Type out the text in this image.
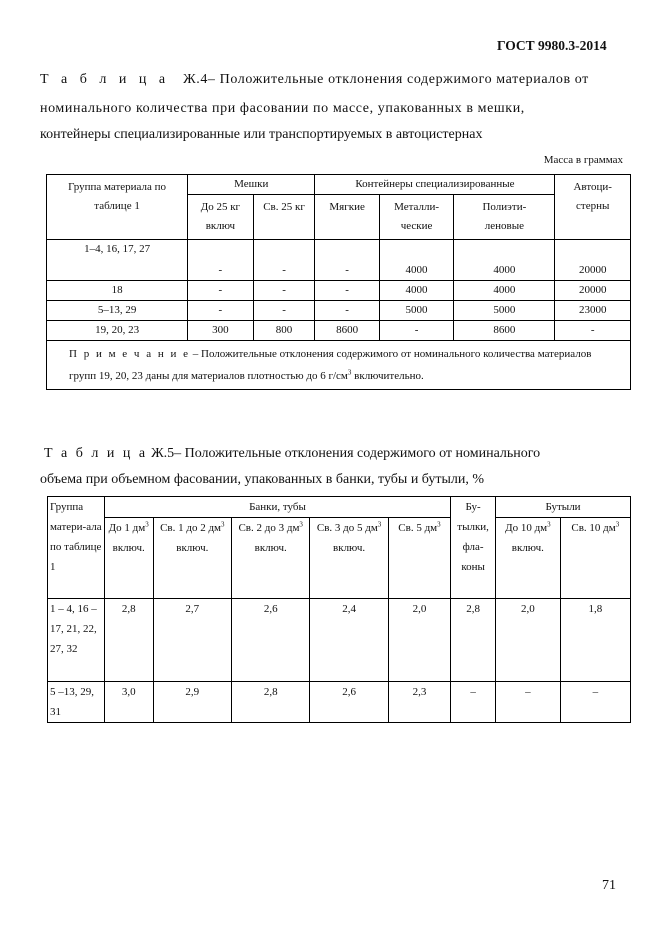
ГОСТ 9980.3-2014
Т а б л и ц а Ж.4– Положительные отклонения содержимого материалов от
номинального количества при фасовании по массе, упакованных в мешки,
контейнеры специализированные или транспортируемых в автоцистернах
Масса в граммах
Группа материала по таблице 1	Мешки		Контейнеры специализированные			Автоци-стерны
	До 25 кг включ	Св. 25 кг	Мягкие	Металли-ческие	Полиэти-леновые	
1–4, 16, 17, 27	-	-	-	4000	4000	20000
18	-	-	-	4000	4000	20000
5–13, 29	-	-	-	5000	5000	23000
19, 20, 23	300	800	8600	-	8600	-
П р и м е ч а н и е – Положительные отклонения содержимого от номинального количества материалов групп 19, 20, 23 даны для материалов плотностью до 6 $г/см^3$ включительно.						
Т а б л и ц а Ж.5– Положительные отклонения содержимого от номинального
объема при объемном фасовании, упакованных в банки, тубы и бутыли, %
Группа матери-ала по таблице 1	Банки, тубы					Бу-тылки, фла-коны	Бутыли	
	До 1 $дм^3$ включ.	Св. 1 до 2 $дм^3$ включ.	Св. 2 до 3 $дм^3$ включ.	Св. 3 до 5 $дм^3$ включ.	Св. 5 $дм^3$		До 10 $дм^3$ включ.	Св. 10 $дм^3$
1 – 4, 16 –17, 21, 22, 27, 32	2,8	2,7	2,6	2,4	2,0	2,8	2,0	1,8
5 –13, 29, 31	3,0	2,9	2,8	2,6	2,3	–	–	–
71
